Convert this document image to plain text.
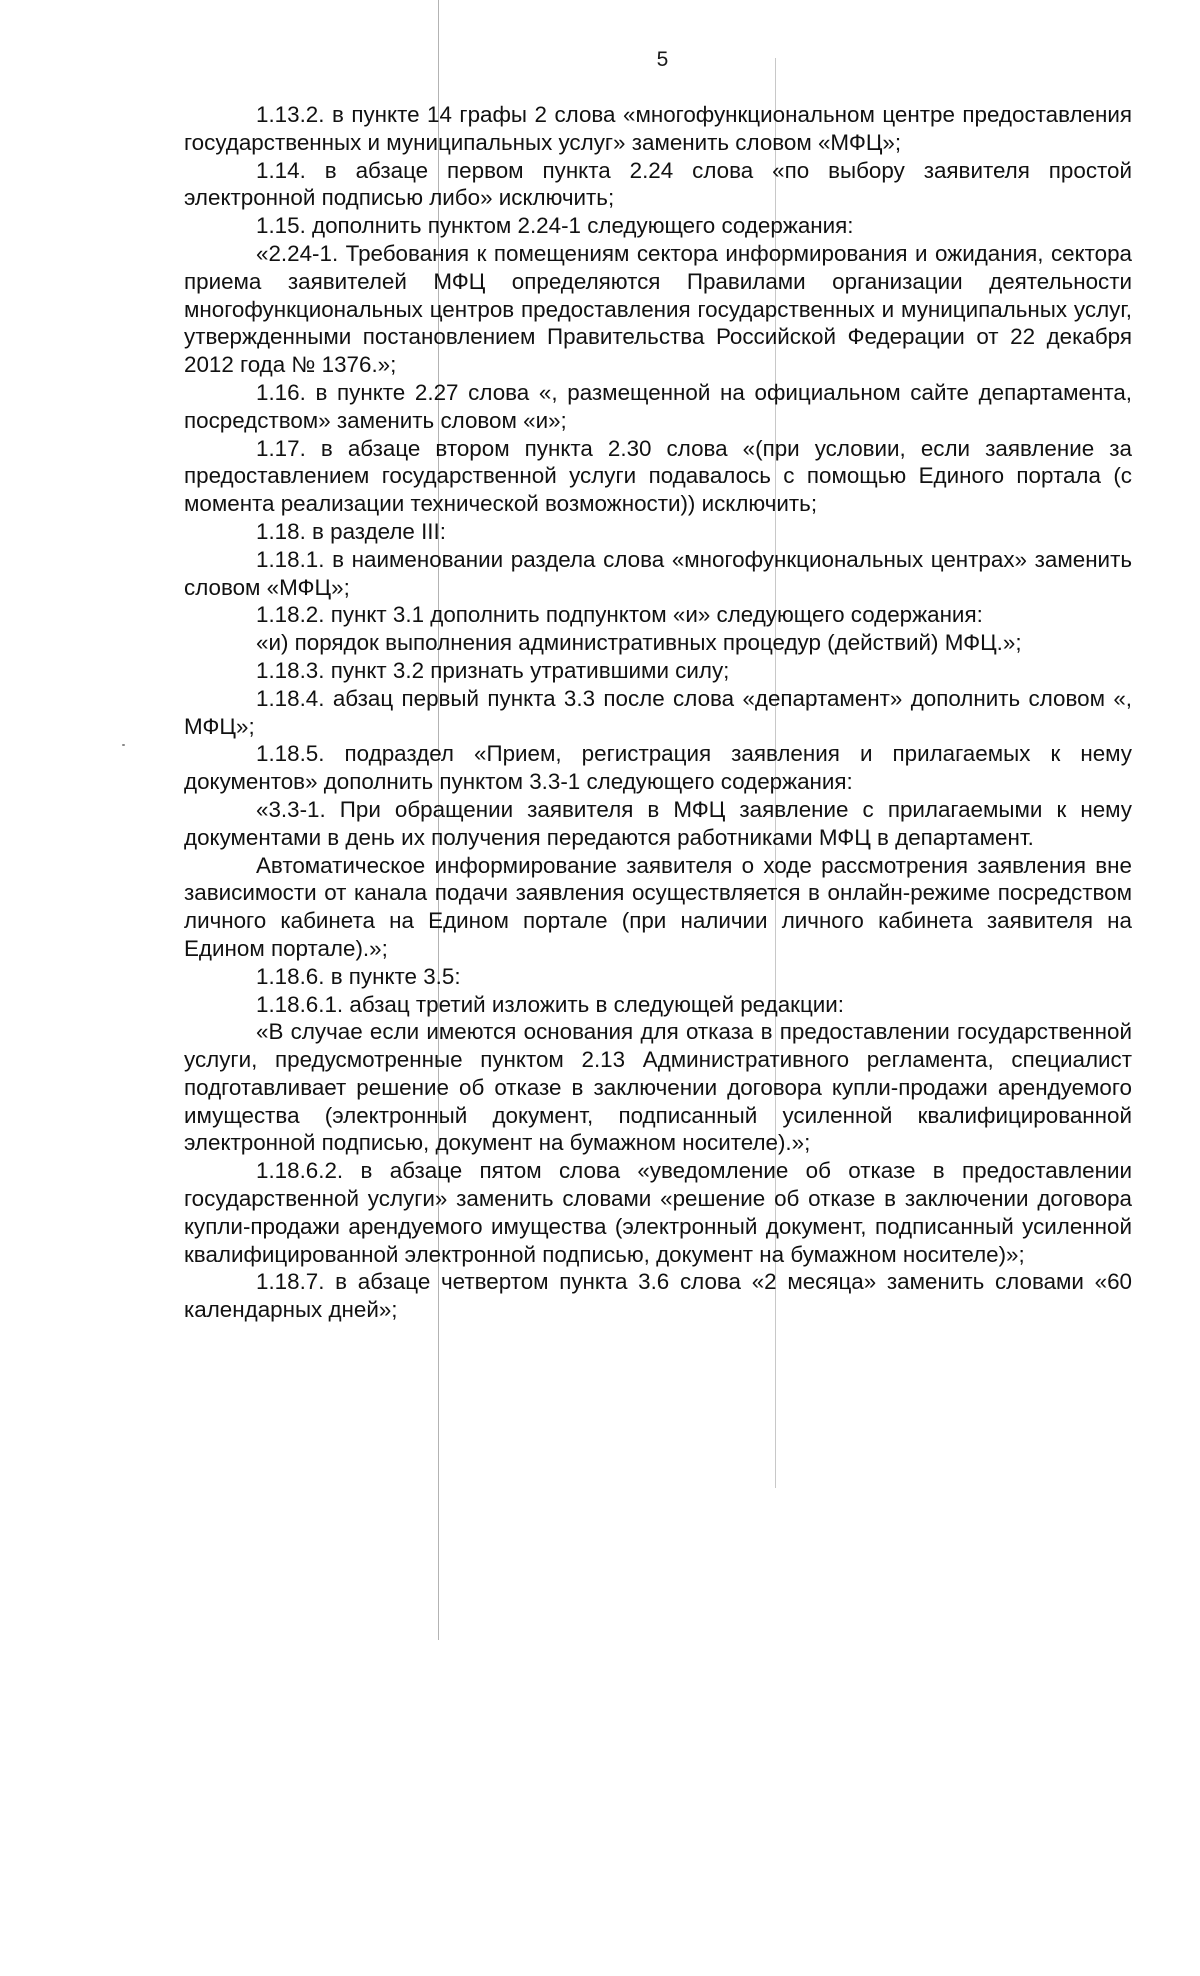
5

1.13.2. в пункте 14 графы 2 слова «многофункциональном центре предоставления государственных и муниципальных услуг» заменить словом «МФЦ»;

1.14. в абзаце первом пункта 2.24 слова «по выбору заявителя простой электронной подписью либо» исключить;

1.15. дополнить пунктом 2.24-1 следующего содержания:

«2.24-1. Требования к помещениям сектора информирования и ожидания, сектора приема заявителей МФЦ определяются Правилами организации деятельности многофункциональных центров предоставления государственных и муниципальных услуг, утвержденными постановлением Правительства Российской Федерации от 22 декабря 2012 года № 1376.»;

1.16. в пункте 2.27 слова «, размещенной на официальном сайте департамента, посредством» заменить словом «и»;

1.17. в абзаце втором пункта 2.30 слова «(при условии, если заявление за предоставлением государственной услуги подавалось с помощью Единого портала (с момента реализации технической возможности)) исключить;

1.18. в разделе III:

1.18.1. в наименовании раздела слова «многофункциональных центрах» заменить словом «МФЦ»;

1.18.2. пункт 3.1 дополнить подпунктом «и» следующего содержания:

«и) порядок выполнения административных процедур (действий) МФЦ.»;

1.18.3. пункт 3.2 признать утратившими силу;

1.18.4. абзац первый пункта 3.3 после слова «департамент» дополнить словом «, МФЦ»;

1.18.5. подраздел «Прием, регистрация заявления и прилагаемых к нему документов» дополнить пунктом 3.3-1 следующего содержания:

«3.3-1. При обращении заявителя в МФЦ заявление с прилагаемыми к нему документами в день их получения передаются работниками МФЦ в департамент.

Автоматическое информирование заявителя о ходе рассмотрения заявления вне зависимости от канала подачи заявления осуществляется в онлайн-режиме посредством личного кабинета на Едином портале (при наличии личного кабинета заявителя на Едином портале).»;

1.18.6. в пункте 3.5:

1.18.6.1. абзац третий изложить в следующей редакции:

«В случае если имеются основания для отказа в предоставлении государственной услуги, предусмотренные пунктом 2.13 Административного регламента, специалист подготавливает решение об отказе в заключении договора купли-продажи арендуемого имущества (электронный документ, подписанный усиленной квалифицированной электронной подписью, документ на бумажном носителе).»;

1.18.6.2. в абзаце пятом слова «уведомление об отказе в предоставлении государственной услуги» заменить словами «решение об отказе в заключении договора купли-продажи арендуемого имущества (электронный документ, подписанный усиленной квалифицированной электронной подписью, документ на бумажном носителе)»;

1.18.7. в абзаце четвертом пункта 3.6 слова «2 месяца» заменить словами «60 календарных дней»;
